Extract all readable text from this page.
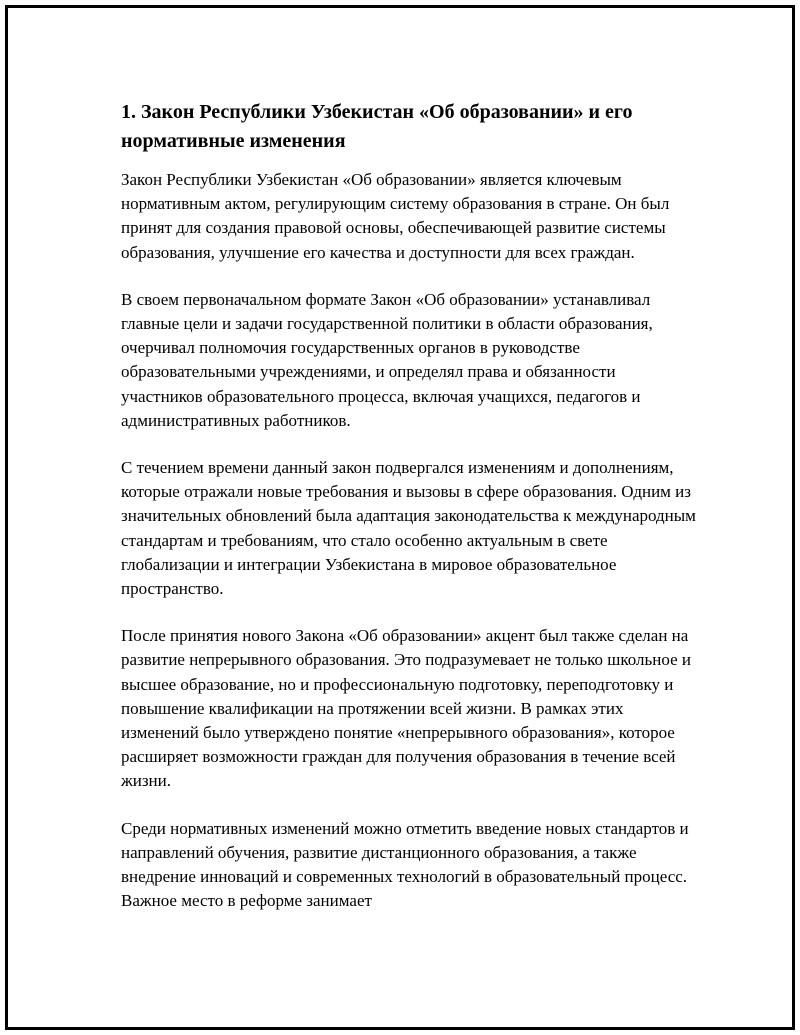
1. Закон Республики Узбекистан «Об образовании» и его нормативные изменения

Закон Республики Узбекистан «Об образовании» является ключевым нормативным актом, регулирующим систему образования в стране. Он был принят для создания правовой основы, обеспечивающей развитие системы образования, улучшение его качества и доступности для всех граждан.

В своем первоначальном формате Закон «Об образовании» устанавливал главные цели и задачи государственной политики в области образования, очерчивал полномочия государственных органов в руководстве образовательными учреждениями, и определял права и обязанности участников образовательного процесса, включая учащихся, педагогов и административных работников.

С течением времени данный закон подвергался изменениям и дополнениям, которые отражали новые требования и вызовы в сфере образования. Одним из значительных обновлений была адаптация законодательства к международным стандартам и требованиям, что стало особенно актуальным в свете глобализации и интеграции Узбекистана в мировое образовательное пространство.

После принятия нового Закона «Об образовании» акцент был также сделан на развитие непрерывного образования. Это подразумевает не только школьное и высшее образование, но и профессиональную подготовку, переподготовку и повышение квалификации на протяжении всей жизни. В рамках этих изменений было утверждено понятие «непрерывного образования», которое расширяет возможности граждан для получения образования в течение всей жизни.

Среди нормативных изменений можно отметить введение новых стандартов и направлений обучения, развитие дистанционного образования, а также внедрение инноваций и современных технологий в образовательный процесс. Важное место в реформе занимает
